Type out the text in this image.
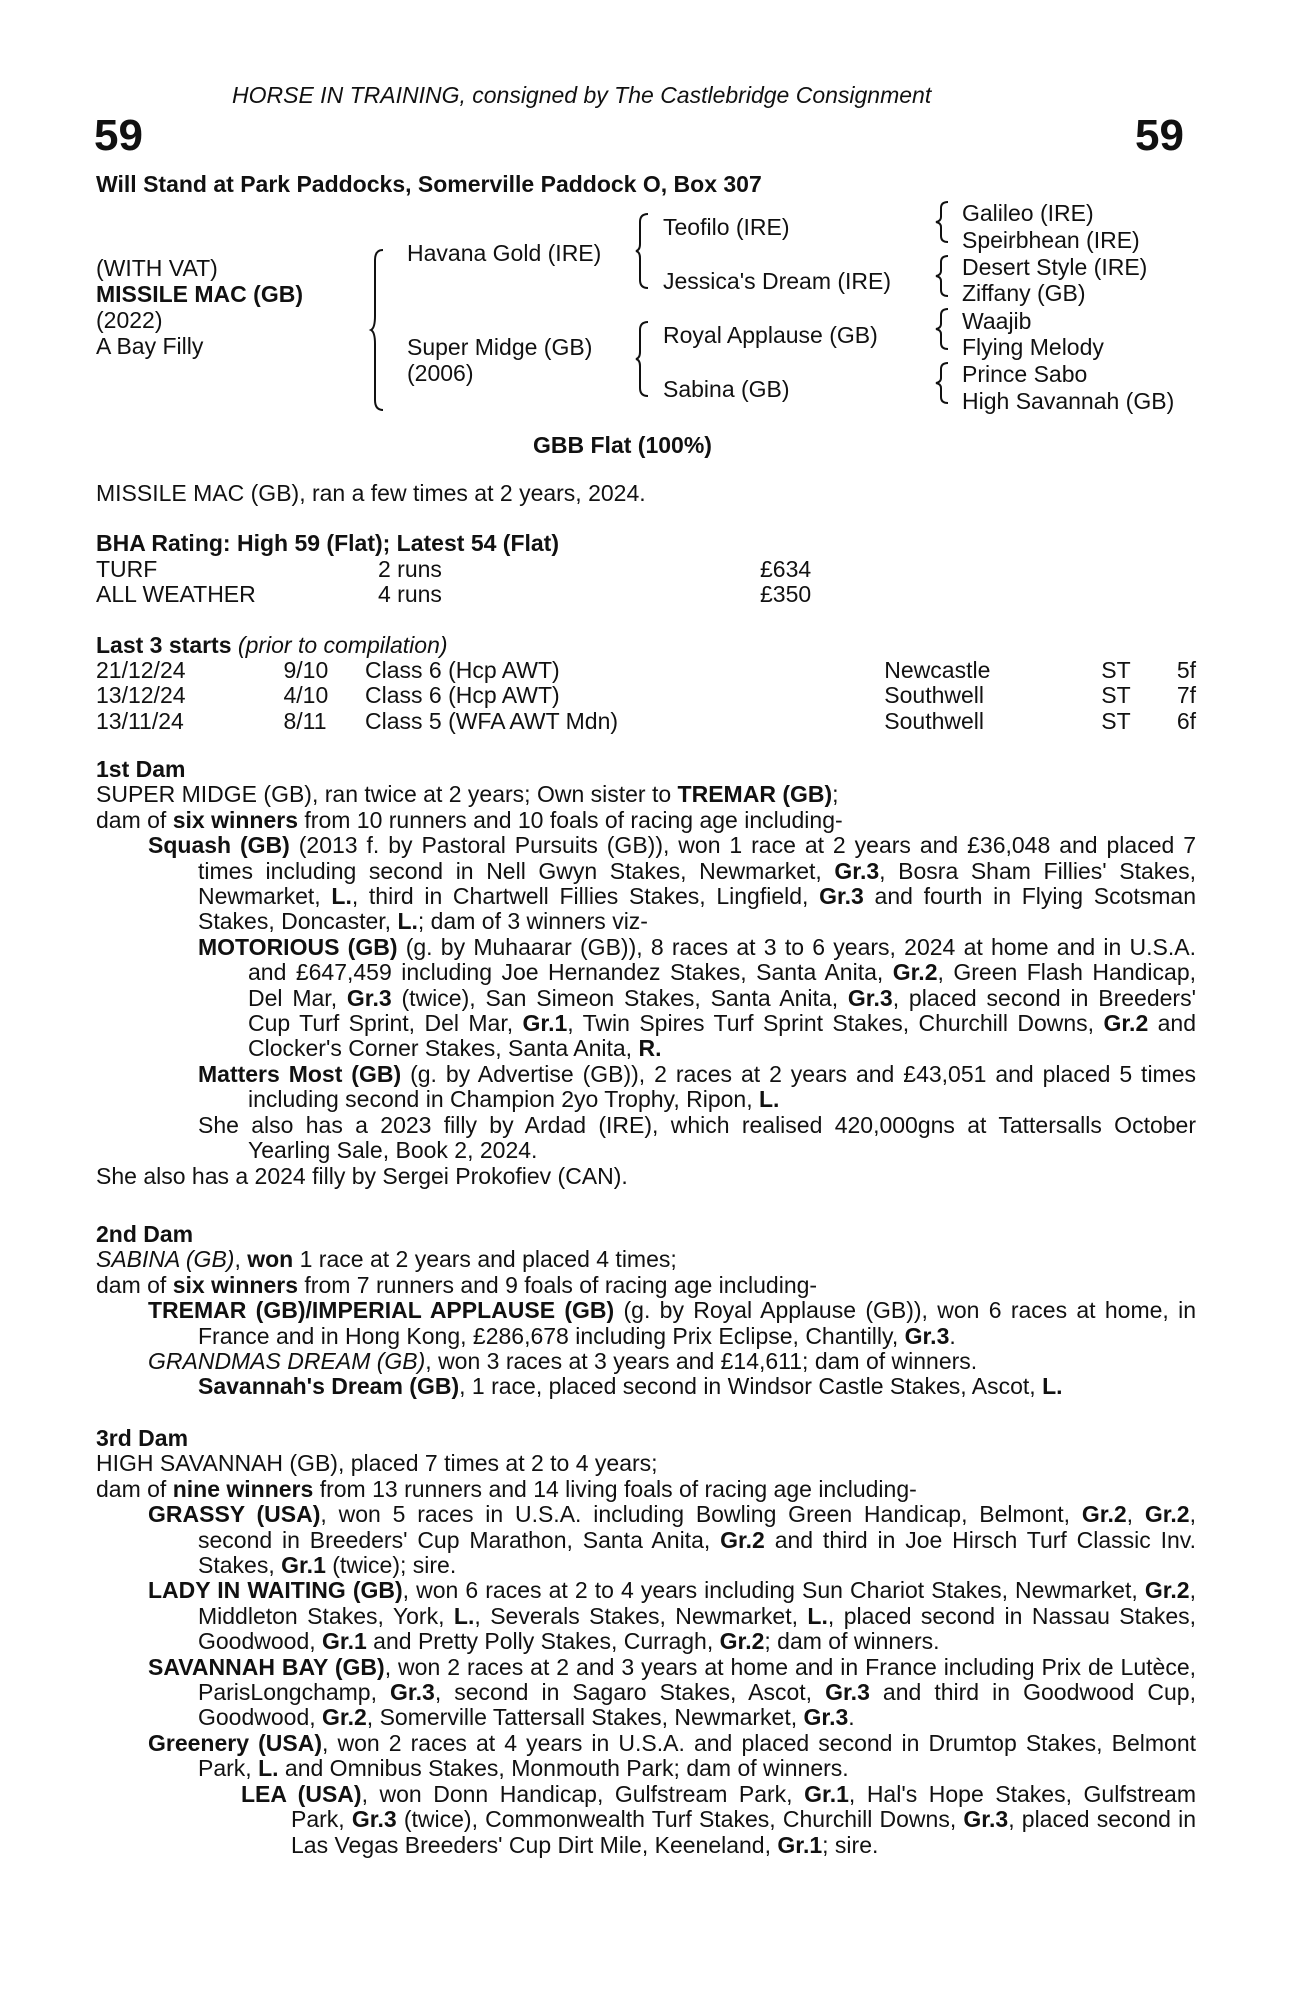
HORSE IN TRAINING, consigned by The Castlebridge Consignment
59	59
Will Stand at Park Paddocks, Somerville Paddock O, Box 307
(WITH VAT)
MISSILE MAC (GB)
(2022)
A Bay Filly
Havana Gold (IRE)
Super Midge (GB)
(2006)
Teofilo (IRE)
Jessica's Dream (IRE)
Royal Applause (GB)
Sabina (GB)
Galileo (IRE)
Speirbhean (IRE)
Desert Style (IRE)
Ziffany (GB)
Waajib
Flying Melody
Prince Sabo
High Savannah (GB)
GBB Flat (100%)

MISSILE MAC (GB), ran a few times at 2 years, 2024.

BHA Rating: High 59 (Flat); Latest 54 (Flat)

TURF	2 runs	£634
ALL WEATHER	4 runs	£350

Last 3 starts (prior to compilation)

21/12/24	9/10	Class 6 (Hcp AWT)	Newcastle	ST	5f
13/12/24	4/10	Class 6 (Hcp AWT)	Southwell	ST	7f
13/11/24	8/11	Class 5 (WFA AWT Mdn)	Southwell	ST	6f

1st Dam

SUPER MIDGE (GB), ran twice at 2 years; Own sister to TREMAR (GB);

dam of six winners from 10 runners and 10 foals of racing age including-

Squash (GB) (2013 f. by Pastoral Pursuits (GB)), won 1 race at 2 years and £36,048 and placed 7 times including second in Nell Gwyn Stakes, Newmarket, Gr.3, Bosra Sham Fillies' Stakes, Newmarket, L., third in Chartwell Fillies Stakes, Lingfield, Gr.3 and fourth in Flying Scotsman Stakes, Doncaster, L.; dam of 3 winners viz-

MOTORIOUS (GB) (g. by Muhaarar (GB)), 8 races at 3 to 6 years, 2024 at home and in U.S.A. and £647,459 including Joe Hernandez Stakes, Santa Anita, Gr.2, Green Flash Handicap, Del Mar, Gr.3 (twice), San Simeon Stakes, Santa Anita, Gr.3, placed second in Breeders' Cup Turf Sprint, Del Mar, Gr.1, Twin Spires Turf Sprint Stakes, Churchill Downs, Gr.2 and Clocker's Corner Stakes, Santa Anita, R.

Matters Most (GB) (g. by Advertise (GB)), 2 races at 2 years and £43,051 and placed 5 times including second in Champion 2yo Trophy, Ripon, L.

She also has a 2023 filly by Ardad (IRE), which realised 420,000gns at Tattersalls October Yearling Sale, Book 2, 2024.

She also has a 2024 filly by Sergei Prokofiev (CAN).

2nd Dam

SABINA (GB), won 1 race at 2 years and placed 4 times;

dam of six winners from 7 runners and 9 foals of racing age including-

TREMAR (GB)/IMPERIAL APPLAUSE (GB) (g. by Royal Applause (GB)), won 6 races at home, in France and in Hong Kong, £286,678 including Prix Eclipse, Chantilly, Gr.3.

GRANDMAS DREAM (GB), won 3 races at 3 years and £14,611; dam of winners.

Savannah's Dream (GB), 1 race, placed second in Windsor Castle Stakes, Ascot, L.

3rd Dam

HIGH SAVANNAH (GB), placed 7 times at 2 to 4 years;

dam of nine winners from 13 runners and 14 living foals of racing age including-

GRASSY (USA), won 5 races in U.S.A. including Bowling Green Handicap, Belmont, Gr.2, Gr.2, second in Breeders' Cup Marathon, Santa Anita, Gr.2 and third in Joe Hirsch Turf Classic Inv. Stakes, Gr.1 (twice); sire.

LADY IN WAITING (GB), won 6 races at 2 to 4 years including Sun Chariot Stakes, Newmarket, Gr.2, Middleton Stakes, York, L., Severals Stakes, Newmarket, L., placed second in Nassau Stakes, Goodwood, Gr.1 and Pretty Polly Stakes, Curragh, Gr.2; dam of winners.

SAVANNAH BAY (GB), won 2 races at 2 and 3 years at home and in France including Prix de Lutèce, ParisLongchamp, Gr.3, second in Sagaro Stakes, Ascot, Gr.3 and third in Goodwood Cup, Goodwood, Gr.2, Somerville Tattersall Stakes, Newmarket, Gr.3.

Greenery (USA), won 2 races at 4 years in U.S.A. and placed second in Drumtop Stakes, Belmont Park, L. and Omnibus Stakes, Monmouth Park; dam of winners.

LEA (USA), won Donn Handicap, Gulfstream Park, Gr.1, Hal's Hope Stakes, Gulfstream Park, Gr.3 (twice), Commonwealth Turf Stakes, Churchill Downs, Gr.3, placed second in Las Vegas Breeders' Cup Dirt Mile, Keeneland, Gr.1; sire.
